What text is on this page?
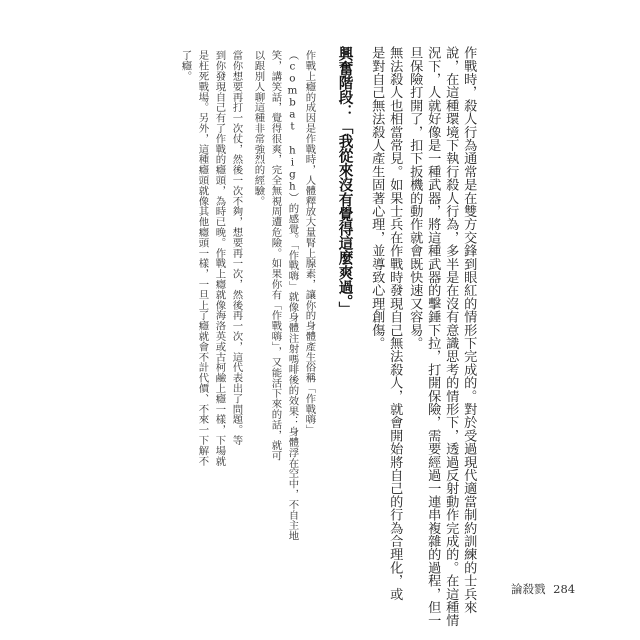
作戰時，殺人行為通常是在雙方交鋒到眼紅的情形下完成的。對於受過現代適當制約訓練的士兵來
說，在這種環境下執行殺人行為，多半是在沒有意識思考的情形下，透過反射動作完成的。在這種情
況下，人就好像是一種武器，將這種武器的擊錘下拉，打開保險，需要經過一連串複雜的過程，但一
旦保險打開了，扣下扳機的動作就會既快速又容易。
無法殺人也相當常見。如果士兵在作戰時發現自己無法殺人，就會開始將自己的行為合理化，或
是對自己無法殺人產生固著心理，並導致心理創傷。
興奮階段：「我從來沒有覺得這麼爽過。」
作戰上癮的成因是作戰時，人體釋放大量腎上腺素，讓你的身體產生俗稱「作戰嗨」
（combat high）的感覺。「作戰嗨」就像身體注射嗎啡後的效果：身體浮在空中，不自主地
笑，講笑話，覺得很爽，完全無視周遭危險。如果你有「作戰嗨」，又能活下來的話，就可
以跟別人聊這種非常強烈的經驗。
當你想要再打一次仗，然後一次不夠，想要再一次，然後再一次，這代表出了問題。等
到你發現自己有了作戰的癮頭，為時已晚。作戰上癮就像海洛英或古柯鹼上癮一樣，下場就
是枉死戰場。另外，這種癮頭就像其他癮頭一樣，一旦上了癮就會不計代價、不來一下解不
了癮。
論殺戮 284
